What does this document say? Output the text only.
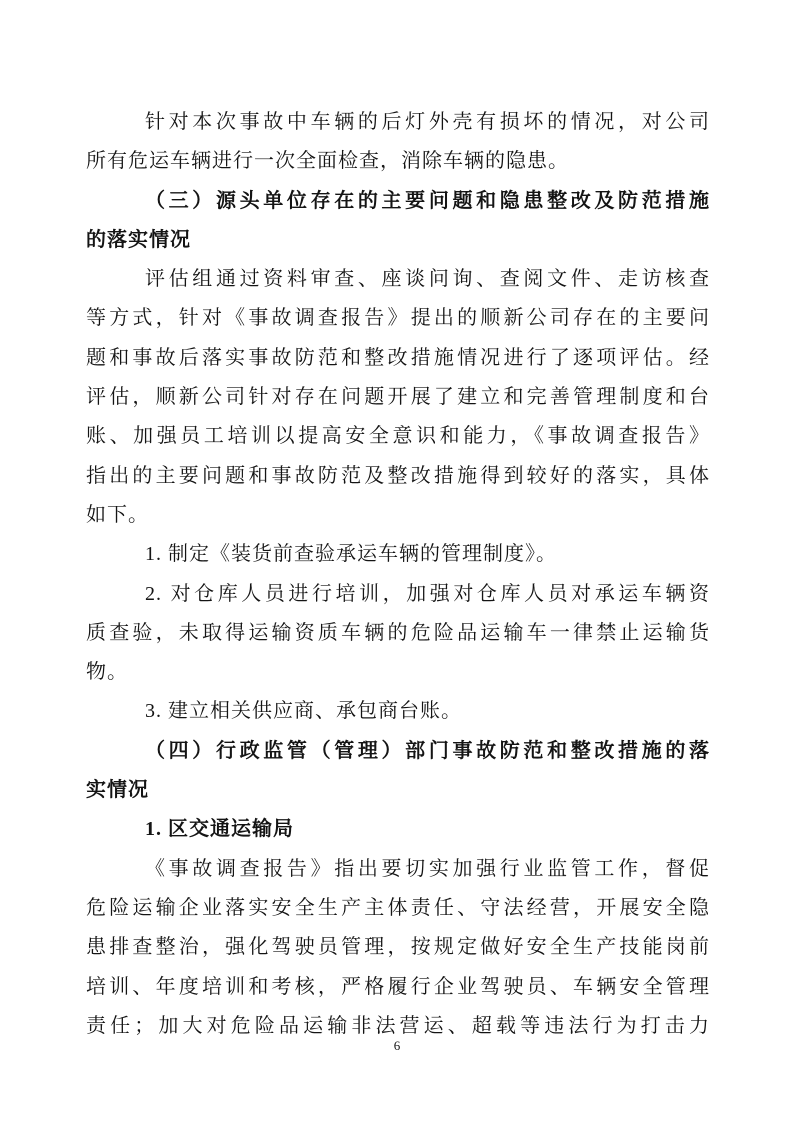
针对本次事故中车辆的后灯外壳有损坏的情况，对公司
所有危运车辆进行一次全面检查，消除车辆的隐患。
（三）源头单位存在的主要问题和隐患整改及防范措施
的落实情况
评估组通过资料审查、座谈问询、查阅文件、走访核查
等方式，针对《事故调查报告》提出的顺新公司存在的主要问
题和事故后落实事故防范和整改措施情况进行了逐项评估。经
评估，顺新公司针对存在问题开展了建立和完善管理制度和台
账、加强员工培训以提高安全意识和能力，《事故调查报告》
指出的主要问题和事故防范及整改措施得到较好的落实，具体
如下。
1. 制定《装货前查验承运车辆的管理制度》。
2. 对仓库人员进行培训，加强对仓库人员对承运车辆资
质查验，未取得运输资质车辆的危险品运输车一律禁止运输货
物。
3. 建立相关供应商、承包商台账。
（四）行政监管（管理）部门事故防范和整改措施的落
实情况
1. 区交通运输局
《事故调查报告》指出要切实加强行业监管工作，督促
危险运输企业落实安全生产主体责任、守法经营，开展安全隐
患排查整治，强化驾驶员管理，按规定做好安全生产技能岗前
培训、年度培训和考核，严格履行企业驾驶员、车辆安全管理
责任；加大对危险品运输非法营运、超载等违法行为打击力
6
